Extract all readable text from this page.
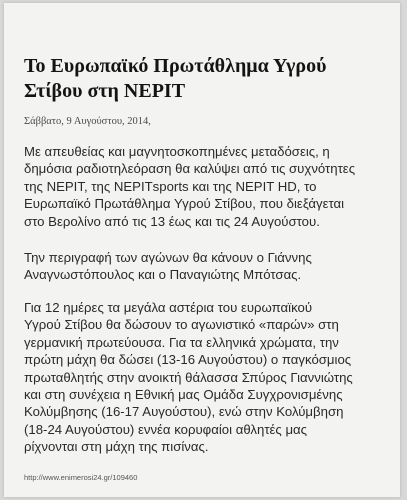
Το Ευρωπαϊκό Πρωτάθλημα Υγρού
Στίβου στη ΝΕΡΙΤ
Σάββατο, 9 Αυγούστου, 2014,

Με απευθείας και μαγνητοσκοπημένες μεταδόσεις, η
δημόσια ραδιοτηλεόραση θα καλύψει από τις συχνότητες
της ΝΕΡΙΤ, της ΝΕΡΙΤsports και της ΝΕΡΙΤ HD, το
Ευρωπαϊκό Πρωτάθλημα Υγρού Στίβου, που διεξάγεται
στο Βερολίνο από τις 13 έως και τις 24 Αυγούστου.

Την περιγραφή των αγώνων θα κάνουν ο Γιάννης
Αναγνωστόπουλος και ο Παναγιώτης Μπότσας.

Για 12 ημέρες τα μεγάλα αστέρια του ευρωπαϊκού
Υγρού Στίβου θα δώσουν το αγωνιστικό «παρών» στη
γερμανική πρωτεύουσα. Για τα ελληνικά χρώματα, την
πρώτη μάχη θα δώσει (13-16 Αυγούστου) ο παγκόσμιος
πρωταθλητής στην ανοικτή θάλασσα Σπύρος Γιαννιώτης
και στη συνέχεια η Εθνική μας Ομάδα Συγχρονισμένης
Κολύμβησης (16-17 Αυγούστου), ενώ στην Κολύμβηση
(18-24 Αυγούστου) εννέα κορυφαίοι αθλητές μας
ρίχνονται στη μάχη της πισίνας.

http://www.enimerosi24.gr/109460
